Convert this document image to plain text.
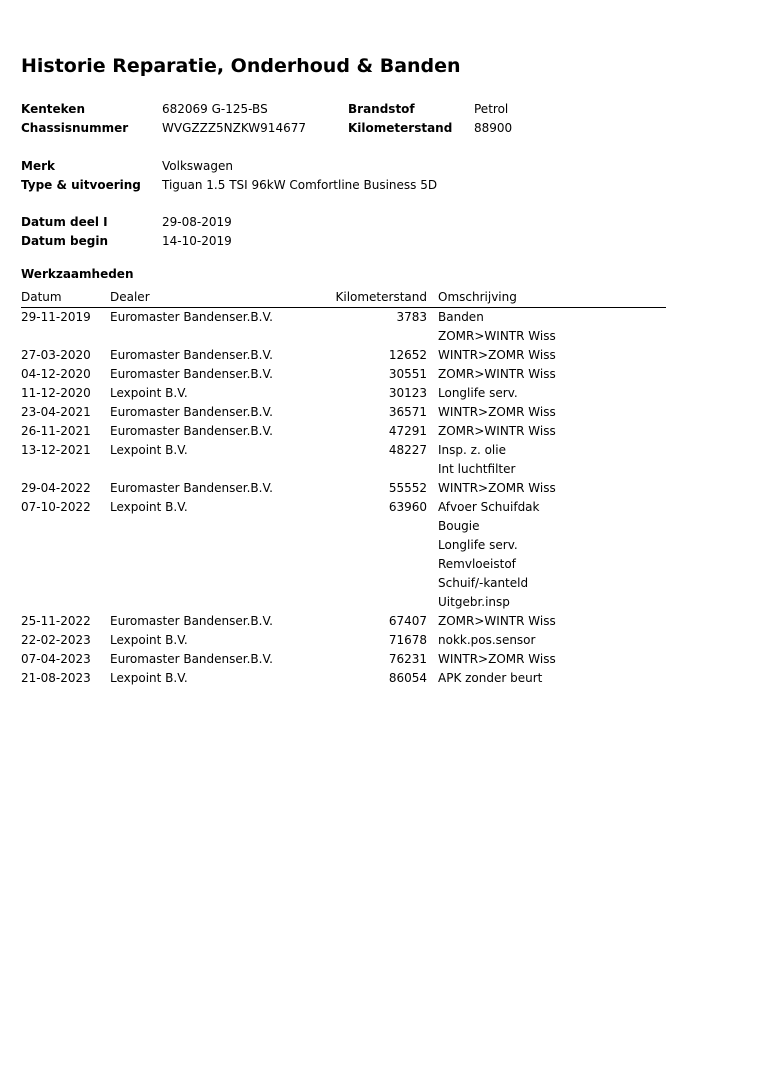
Historie Reparatie, Onderhoud & Banden
Kenteken	682069 G-125-BS	Brandstof	Petrol
Chassisnummer	WVGZZZ5NZKW914677	Kilometerstand 88900
Merk	Volkswagen
Type & uitvoering Tiguan 1.5 TSI 96kW Comfortline Business 5D
Datum deel I	29-08-2019
Datum begin	14-10-2019
Werkzaamheden
Datum	Dealer	Kilometerstand Omschrijving
29-11-2019 Euromaster Bandenser.B.V.	3783 Banden
ZOMR>WINTR Wiss
27-03-2020 Euromaster Bandenser.B.V.	12652 WINTR>ZOMR Wiss
04-12-2020 Euromaster Bandenser.B.V.	30551 ZOMR>WINTR Wiss
11-12-2020 Lexpoint B.V.	30123 Longlife serv.
23-04-2021 Euromaster Bandenser.B.V.	36571 WINTR>ZOMR Wiss
26-11-2021 Euromaster Bandenser.B.V.	47291 ZOMR>WINTR Wiss
13-12-2021 Lexpoint B.V.	48227 Insp. z. olie
Int luchtfilter
29-04-2022 Euromaster Bandenser.B.V.	55552 WINTR>ZOMR Wiss
07-10-2022 Lexpoint B.V.	63960 Afvoer Schuifdak
Bougie
Longlife serv.
Remvloeistof
Schuif/-kanteld
Uitgebr.insp
25-11-2022 Euromaster Bandenser.B.V.	67407 ZOMR>WINTR Wiss
22-02-2023 Lexpoint B.V.	71678 nokk.pos.sensor
07-04-2023 Euromaster Bandenser.B.V.	76231 WINTR>ZOMR Wiss
21-08-2023 Lexpoint B.V.	86054 APK zonder beurt
